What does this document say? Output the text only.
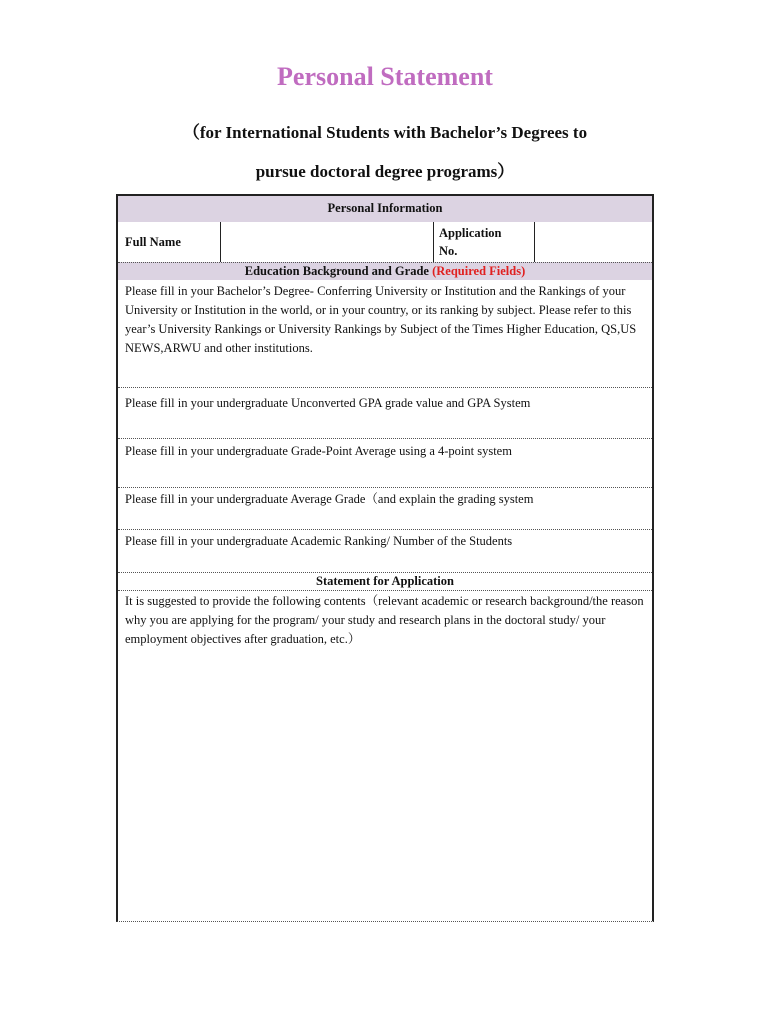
Personal Statement

（for International Students with Bachelor’s Degrees to

pursue doctoral degree programs）

Personal Information
Full Name
Application
No.
Education Background and Grade (Required Fields)

Please fill in your Bachelor’s Degree- Conferring University or Institution and the Rankings of your University or Institution in the world, or in your country, or its ranking by subject. Please refer to this year’s University Rankings or University Rankings by Subject of the Times Higher Education, QS,US NEWS,ARWU and other institutions.

Please fill in your undergraduate Unconverted GPA grade value and GPA System

Please fill in your undergraduate Grade-Point Average using a 4-point system

Please fill in your undergraduate Average Grade（and explain the grading system

Please fill in your undergraduate Academic Ranking/ Number of the Students

Statement for Application

It is suggested to provide the following contents（relevant academic or research background/the reason why you are applying for the program/ your study and research plans in the doctoral study/ your employment objectives after graduation, etc.）
